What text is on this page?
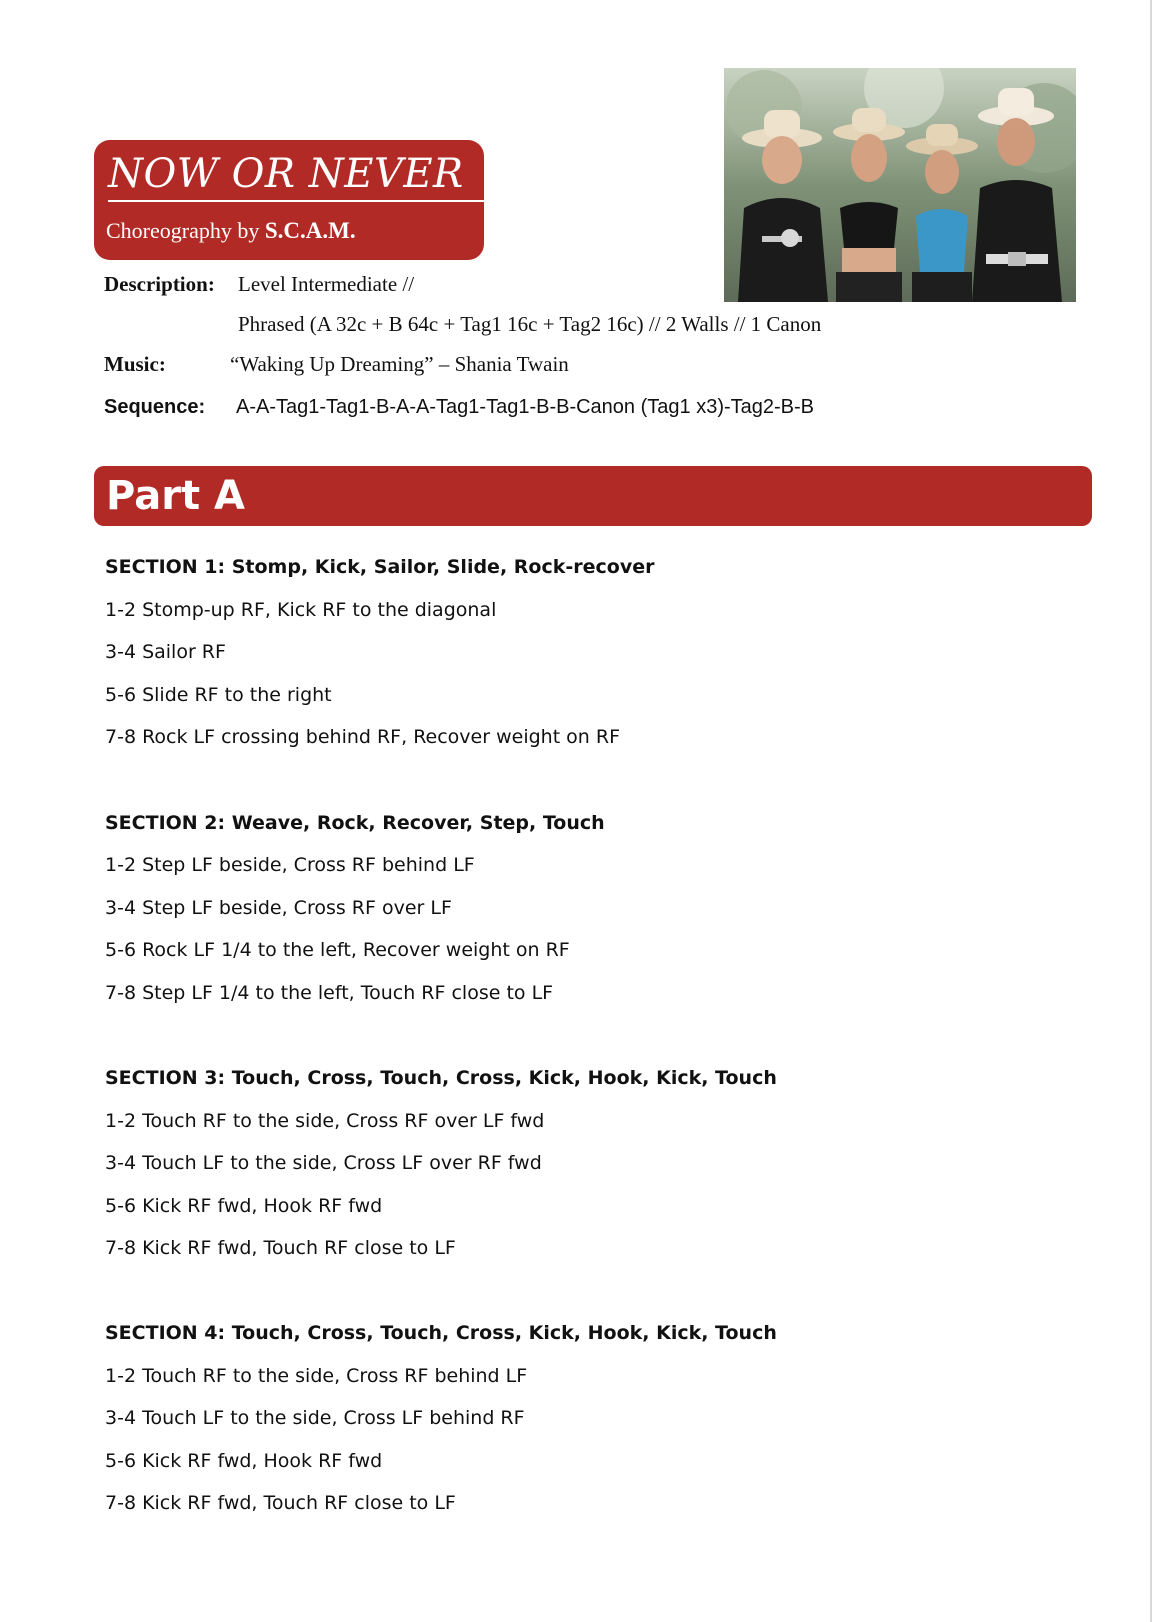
NOW OR NEVER
Choreography by S.C.A.M.
Description: Level Intermediate //
Phrased (A 32c + B 64c + Tag1 16c + Tag2 16c) // 2 Walls // 1 Canon
Music:	“Waking Up Dreaming” – Shania Twain
Sequence: A-A-Tag1-Tag1-B-A-A-Tag1-Tag1-B-B-Canon (Tag1 x3)-Tag2-B-B
Part A
SECTION 1: Stomp, Kick, Sailor, Slide, Rock-recover
1-2 Stomp-up RF, Kick RF to the diagonal
3-4 Sailor RF
5-6 Slide RF to the right
7-8 Rock LF crossing behind RF, Recover weight on RF
SECTION 2: Weave, Rock, Recover, Step, Touch
1-2 Step LF beside, Cross RF behind LF
3-4 Step LF beside, Cross RF over LF
5-6 Rock LF 1/4 to the left, Recover weight on RF
7-8 Step LF 1/4 to the left, Touch RF close to LF
SECTION 3: Touch, Cross, Touch, Cross, Kick, Hook, Kick, Touch
1-2 Touch RF to the side, Cross RF over LF fwd
3-4 Touch LF to the side, Cross LF over RF fwd
5-6 Kick RF fwd, Hook RF fwd
7-8 Kick RF fwd, Touch RF close to LF
SECTION 4: Touch, Cross, Touch, Cross, Kick, Hook, Kick, Touch
1-2 Touch RF to the side, Cross RF behind LF
3-4 Touch LF to the side, Cross LF behind RF
5-6 Kick RF fwd, Hook RF fwd
7-8 Kick RF fwd, Touch RF close to LF
